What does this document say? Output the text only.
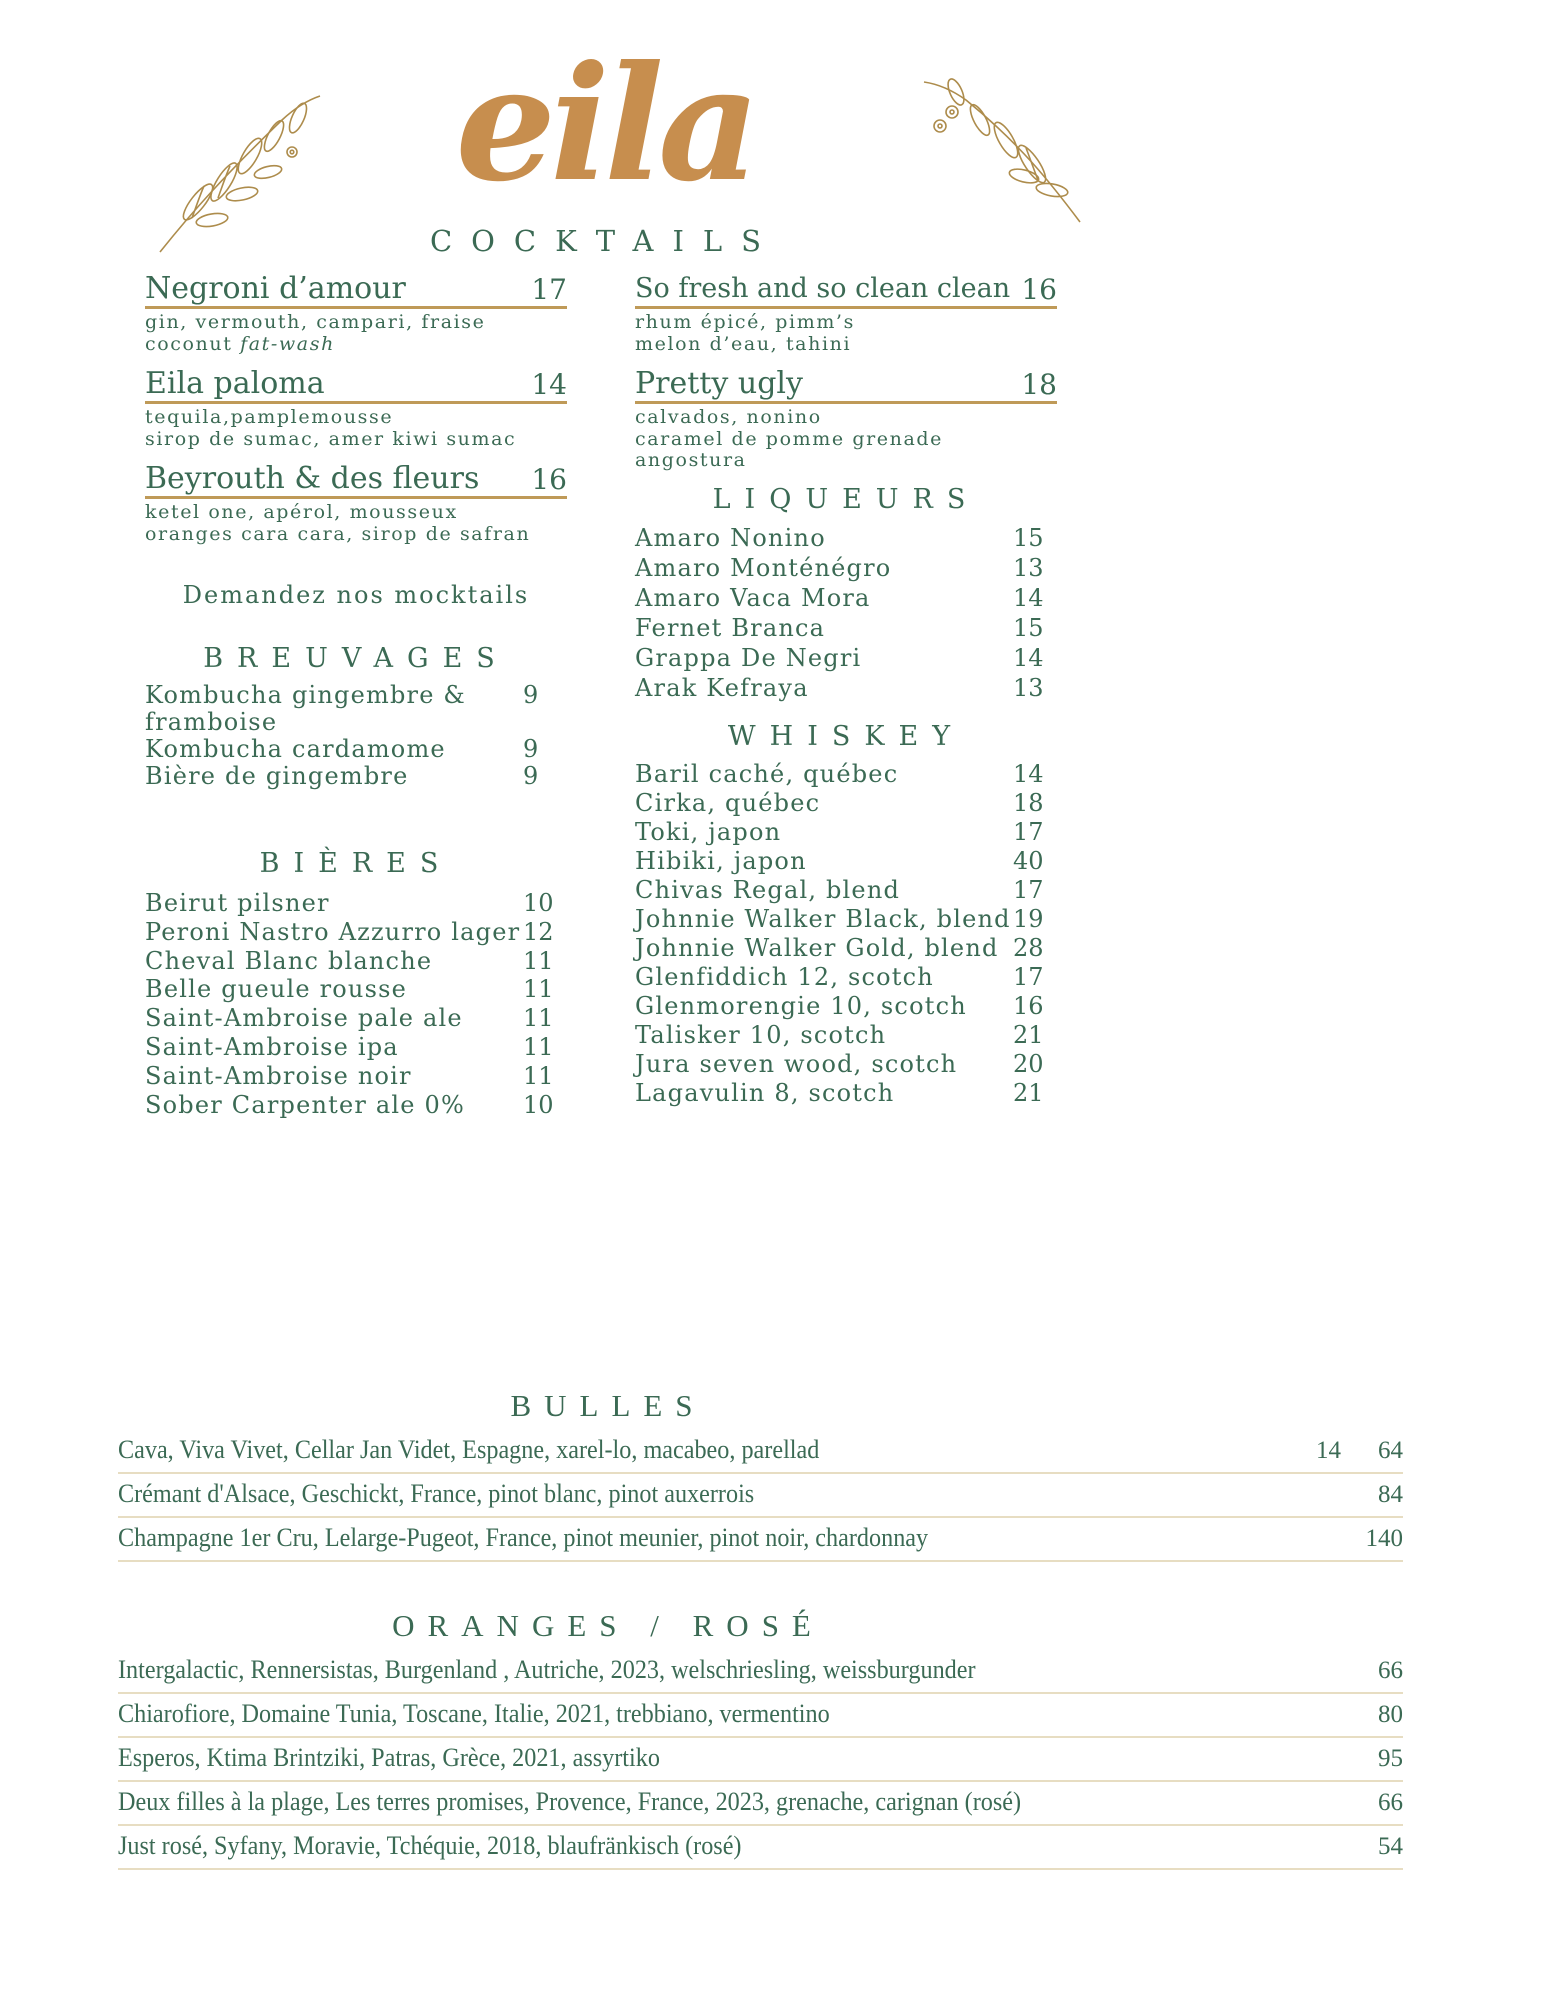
eila
COCKTAILS
Negroni d’amour	17
gin, vermouth, campari, fraise
coconut fat-wash
Eila paloma	14
tequila,pamplemousse
sirop de sumac, amer kiwi sumac
Beyrouth & des fleurs 16
ketel one, apérol, mousseux
oranges cara cara, sirop de safran
Demandez nos mocktails
BREUVAGES
Kombucha gingembre & framboise
9
Kombucha cardamome	9
Bière de gingembre	9
BIÈRES
Beirut pilsner	10
Peroni Nastro Azzurro lager 12
Cheval Blanc blanche	11
Belle gueule rousse	11
Saint-Ambroise pale ale	11
Saint-Ambroise ipa	11
Saint-Ambroise noir	11
Sober Carpenter ale 0% 10
So fresh and so clean clean 16
rhum épicé, pimm’s
melon d’eau, tahini
Pretty ugly	18
calvados, nonino
caramel de pomme grenade
angostura
LIQUEURS
Amaro Nonino	15
Amaro Monténégro	13
Amaro Vaca Mora	14
Fernet Branca	15
Grappa De Negri	14
Arak Kefraya	13
WHISKEY
Baril caché, québec	14
Cirka, québec	18
Toki, japon	17
Hibiki, japon	40
Chivas Regal, blend	17
Johnnie Walker Black, blend 19
Johnnie Walker Gold, blend 28
Glenfiddich 12, scotch	17
Glenmorengie 10, scotch 16
Talisker 10, scotch	21
Jura seven wood, scotch 20
Lagavulin 8, scotch	21
BULLES
Cava, Viva Vivet, Cellar Jan Videt, Espagne, xarel-lo, macabeo, parellad	14	64
Crémant d'Alsace, Geschickt, France, pinot blanc, pinot auxerrois	84
Champagne 1er Cru, Lelarge-Pugeot, France, pinot meunier, pinot noir, chardonnay	140
ORANGES / ROSÉ
Intergalactic, Rennersistas, Burgenland , Autriche, 2023, welschriesling, weissburgunder	66
Chiarofiore, Domaine Tunia, Toscane, Italie, 2021, trebbiano, vermentino	80
Esperos, Ktima Brintziki, Patras, Grèce, 2021, assyrtiko	95
Deux filles à la plage, Les terres promises, Provence, France, 2023, grenache, carignan (rosé)	66
Just rosé, Syfany, Moravie, Tchéquie, 2018, blaufränkisch (rosé)	54
